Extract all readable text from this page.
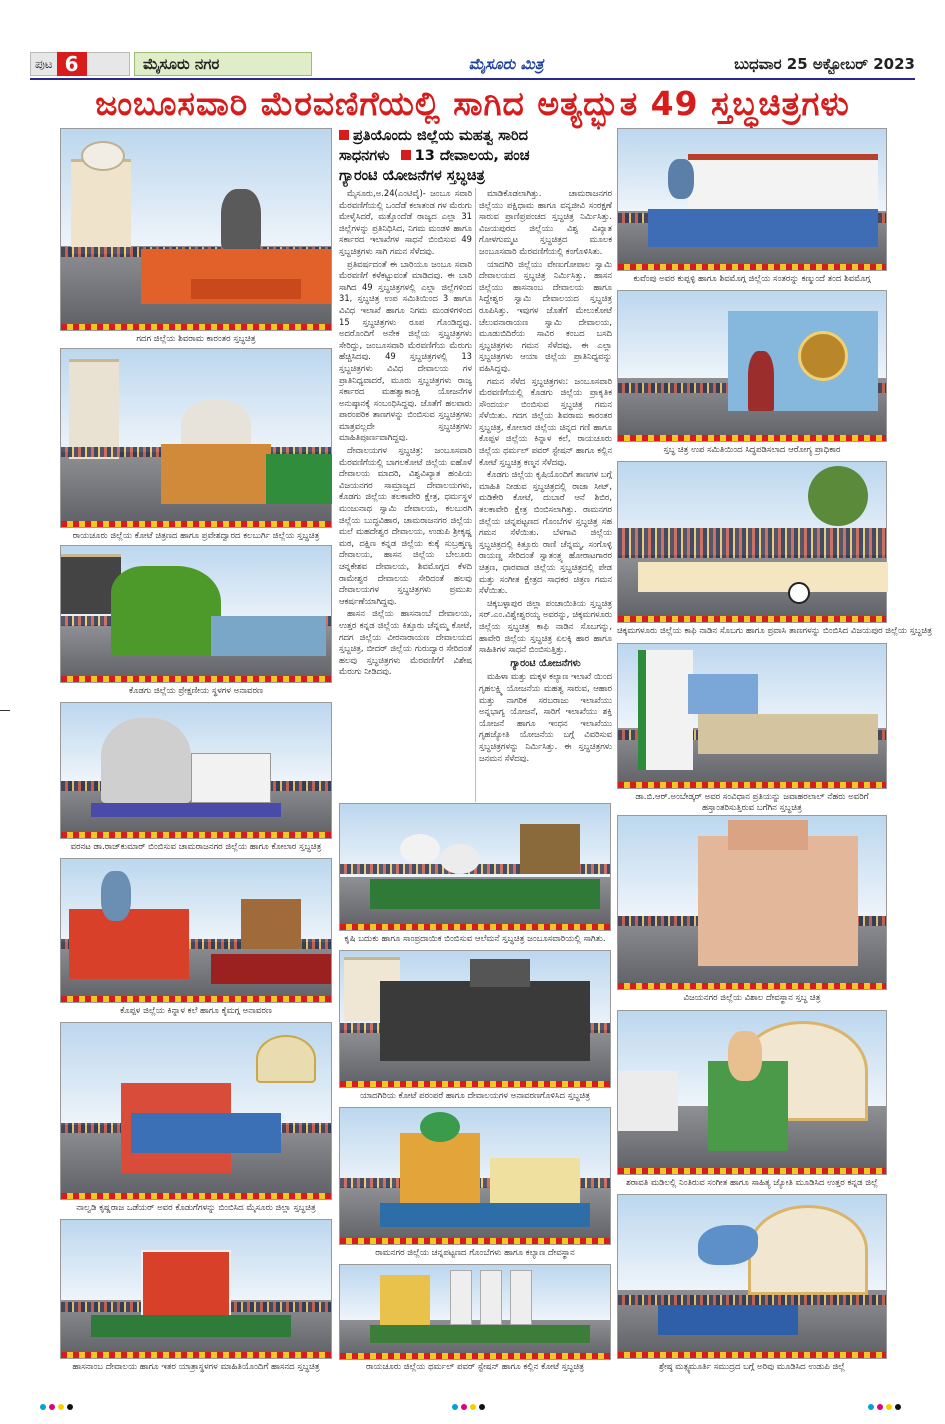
ಪುಟ 6	ಮೈಸೂರು ನಗರ	ಮೈಸೂರು ಮಿತ್ರ	ಬುಧವಾರ 25 ಅಕ್ಟೋಬರ್ 2023
ಜಂಬೂಸವಾರಿ ಮೆರವಣಿಗೆಯಲ್ಲಿ ಸಾಗಿದ ಅತ್ಯದ್ಭುತ 49 ಸ್ತಬ್ಧಚಿತ್ರಗಳು
ಗದಗ ಜಿಲ್ಲೆಯ ಶಿವರಾಮ ಕಾರಂತರ ಸ್ತಬ್ಧಚಿತ್ರ
ರಾಯಚೂರು ಜಿಲ್ಲೆಯ ಕೋಟೆ ಚಿತ್ರಣದ ಹಾಗೂ ಪ್ರವೇಶದ್ವಾರದ ಕಲಬುರ್ಗಿ ಜಿಲ್ಲೆಯ ಸ್ತಬ್ಧಚಿತ್ರ
ಕೊಡಗು ಜಿಲ್ಲೆಯ ಪ್ರೇಕ್ಷಣೀಯ ಸ್ಥಳಗಳ ಅನಾವರಣ
ವರನಟ ಡಾ.ರಾಜ್‌ಕುಮಾರ್ ಬಿಂಬಿಸುವ ಚಾಮರಾಜನಗರ ಜಿಲ್ಲೆಯ ಹಾಗೂ ಕೋಲಾರ ಸ್ತಬ್ಧಚಿತ್ರ
ಕೊಪ್ಪಳ ಜಿಲ್ಲೆಯ ಕಿನ್ನಾಳ ಕಲೆ ಹಾಗೂ ಕೈಮಗ್ಗ ಅನಾವರಣ
ನಾಲ್ವಡಿ ಕೃಷ್ಣರಾಜ ಒಡೆಯರ್ ಅವರ ಕೊಡುಗೆಗಳನ್ನು ಬಿಂಬಿಸಿದ ಮೈಸೂರು ಜಿಲ್ಲಾ ಸ್ತಬ್ಧಚಿತ್ರ
ಹಾಸನಾಂಬ ದೇವಾಲಯ ಹಾಗೂ ಇತರ ಯಾತ್ರಾಸ್ಥಳಗಳ ಮಾಹಿತಿಯೊಂದಿಗೆ ಹಾಸನದ ಸ್ತಬ್ಧಚಿತ್ರ
ಪ್ರತಿಯೊಂದು ಜಿಲ್ಲೆಯ ಮಹತ್ವ ಸಾರಿದ
ಸಾಧನಗಳು 13 ದೇವಾಲಯ, ಪಂಚ
ಗ್ಯಾರಂಟಿ ಯೋಜನೆಗಳ ಸ್ತಬ್ಧಚಿತ್ರ

ಮೈಸೂರು,ಅ.24(ಎಂಟಿವೈ)- ಜಂಬೂ ಸವಾರಿ ಮೆರವಣಿಗೆಯಲ್ಲಿ ಒಂದೆಡೆ ಕಲಾತಂಡ ಗಳ ಮೆರುಗು ಮೇಳೈಸಿದರೆ, ಮತ್ತೊಂದೆಡೆ ರಾಜ್ಯದ ಎಲ್ಲಾ 31 ಜಿಲ್ಲೆಗಳನ್ನು ಪ್ರತಿನಿಧಿಸಿದ, ನಿಗಮ ಮಂಡಳಿ ಹಾಗೂ ಸರ್ಕಾರದ ಇಲಾಖೆಗಳ ಸಾಧನೆ ಬಿಂಬಿಸುವ 49 ಸ್ತಬ್ಧಚಿತ್ರಗಳು ಸಾಗಿ ಗಮನ ಸೆಳೆದವು.

ಪ್ರತಿವರ್ಷದಂತೆ ಈ ಬಾರಿಯೂ ಜಂಬೂ ಸವಾರಿ ಮೆರವಣಿಗೆ ಕಳೆಕಟ್ಟುವಂತೆ ಮಾಡಿದವು. ಈ ಬಾರಿ ಸಾಗಿದ 49 ಸ್ತಬ್ಧಚಿತ್ರಗಳಲ್ಲಿ ಎಲ್ಲಾ ಜಿಲ್ಲೆಗಳಿಂದ 31, ಸ್ತಬ್ಧಚಿತ್ರ ಉಪ ಸಮಿತಿಯಿಂದ 3 ಹಾಗೂ ವಿವಿಧ ಇಲಾಖೆ ಹಾಗೂ ನಿಗಮ ಮಂಡಳಿಗಳಿಂದ 15 ಸ್ತಬ್ಧಚಿತ್ರಗಳು ರೂಪ ಗೊಂಡಿದ್ದವು. ಅದರೊಂದಿಗೆ ಅನೇಕ ಜಿಲ್ಲೆಯ ಸ್ತಬ್ಧಚಿತ್ರಗಳು ಸೇರಿದ್ದು, ಜಂಬೂಸವಾರಿ ಮೆರವಣಿಗೆಯ ಮೆರುಗು ಹೆಚ್ಚಿಸಿದವು. 49 ಸ್ತಬ್ಧಚಿತ್ರಗಳಲ್ಲಿ 13 ಸ್ತಬ್ಧಚಿತ್ರಗಳು ವಿವಿಧ ದೇವಾಲಯ ಗಳ ಪ್ರಾತಿನಿಧ್ಯವಾದರೆ, ಮೂರು ಸ್ತಬ್ಧಚಿತ್ರಗಳು ರಾಜ್ಯ ಸರ್ಕಾರದ ಮಹತ್ವಾಕಾಂಕ್ಷಿ ಯೋಜನೆಗಳ ಅನುಷ್ಠಾನಕ್ಕೆ ಸಂಬಂಧಿಸಿದ್ದವು. ಜೊತೆಗೆ ಹಲವಾರು ಪಾರಂಪರಿಕ ತಾಣಗಳನ್ನು ಬಿಂಬಿಸುವ ಸ್ತಬ್ಧಚಿತ್ರಗಳು ಮಾತ್ರವಲ್ಲದೇ ಸ್ತಬ್ಧಚಿತ್ರಗಳು ಮಾಹಿತಿಪೂರ್ಣವಾಗಿದ್ದವು.

ದೇವಾಲಯಗಳ ಸ್ತಬ್ಧಚಿತ್ರ: ಜಂಬೂಸವಾರಿ ಮೆರವಣಿಗೆಯಲ್ಲಿ ಬಾಗಲಕೋಟೆ ಜಿಲ್ಲೆಯ ಐಹೊಳೆ ದೇವಾಲಯ ಮಾದರಿ, ವಿಶ್ವವಿಖ್ಯಾತ ಹಂಪಿಯ ವಿಜಯನಗರ ಸಾಮ್ರಾಜ್ಯದ ದೇವಾಲಯಗಳು, ಕೊಡಗು ಜಿಲ್ಲೆಯ ತಲಕಾವೇರಿ ಕ್ಷೇತ್ರ, ಧರ್ಮಸ್ಥಳ ಮಂಜುನಾಥ ಸ್ವಾಮಿ ದೇವಾಲಯ, ಕಲಬುರಗಿ ಜಿಲ್ಲೆಯ ಬುದ್ಧವಿಹಾರ, ಚಾಮರಾಜನಗರ ಜಿಲ್ಲೆಯ ಮಲೆ ಮಹದೇಶ್ವರ ದೇವಾಲಯ, ಉಡುಪಿ ಶ್ರೀಕೃಷ್ಣ ಮಠ, ದಕ್ಷಿಣ ಕನ್ನಡ ಜಿಲ್ಲೆಯ ಕುಕ್ಕೆ ಸುಬ್ರಹ್ಮಣ್ಯ ದೇವಾಲಯ, ಹಾಸನ ಜಿಲ್ಲೆಯ ಬೇಲೂರು ಚನ್ನಕೇಶವ ದೇವಾಲಯ, ಶಿವಮೊಗ್ಗದ ಕೆಳದಿ ರಾಮೇಶ್ವರ ದೇವಾಲಯ ಸೇರಿದಂತೆ ಹಲವು ದೇವಾಲಯಗಳ ಸ್ತಬ್ಧಚಿತ್ರಗಳು ಪ್ರಮುಖ ಆಕರ್ಷಣೆಯಾಗಿದ್ದವು.

ಹಾಸನ ಜಿಲ್ಲೆಯ ಹಾಸನಾಂಬೆ ದೇವಾಲಯ, ಉತ್ತರ ಕನ್ನಡ ಜಿಲ್ಲೆಯ ಕಿತ್ತೂರು ಚೆನ್ನಮ್ಮ ಕೋಟೆ, ಗದಗ ಜಿಲ್ಲೆಯ ವೀರನಾರಾಯಣ ದೇವಾಲಯದ ಸ್ತಬ್ಧಚಿತ್ರ, ಬೀದರ್ ಜಿಲ್ಲೆಯ ಗುರುದ್ವಾರ ಸೇರಿದಂತೆ ಹಲವು ಸ್ತಬ್ಧಚಿತ್ರಗಳು ಮೆರವಣಿಗೆಗೆ ವಿಶೇಷ ಮೆರುಗು ನೀಡಿದವು.

ಮಾಡಿಕೊಡಲಾಗಿತ್ತು. ಚಾಮರಾಜನಗರ ಜಿಲ್ಲೆಯು ಪಕ್ಷಿಧಾಮ ಹಾಗೂ ವನ್ಯಜೀವಿ ಸಂರಕ್ಷಣೆ ಸಾರುವ ಪ್ರಾಣಿಪ್ರಪಂಚದ ಸ್ತಬ್ಧಚಿತ್ರ ನಿರ್ಮಿಸಿತ್ತು. ವಿಜಯಪುರದ ಜಿಲ್ಲೆಯು ವಿಶ್ವ ವಿಖ್ಯಾತ ಗೋಳಗುಮ್ಮಟ ಸ್ತಬ್ಧಚಿತ್ರದ ಮೂಲಕ ಜಂಬೂಸವಾರಿ ಮೆರವಣಿಗೆಯಲ್ಲಿ ಕಂಗೊಳಿಸಿತು.

ಯಾದಗಿರಿ ಜಿಲ್ಲೆಯು ವೇಣುಗೋಪಾಲ ಸ್ವಾಮಿ ದೇವಾಲಯದ ಸ್ತಬ್ಧಚಿತ್ರ ನಿರ್ಮಿಸಿತ್ತು. ಹಾಸನ ಜಿಲ್ಲೆಯು ಹಾಸನಾಂಬ ದೇವಾಲಯ ಹಾಗೂ ಸಿದ್ದೇಶ್ವರ ಸ್ವಾಮಿ ದೇವಾಲಯದ ಸ್ತಬ್ಧಚಿತ್ರ ರೂಪಿಸಿತ್ತು. ಇವುಗಳ ಜೊತೆಗೆ ಮೇಲುಕೋಟೆ ಚೆಲುವನಾರಾಯಣ ಸ್ವಾಮಿ ದೇವಾಲಯ, ಮೂಡುಬಿದಿರೆಯ ಸಾವಿರ ಕಂಬದ ಬಸದಿ ಸ್ತಬ್ಧಚಿತ್ರಗಳು ಗಮನ ಸೆಳೆದವು. ಈ ಎಲ್ಲಾ ಸ್ತಬ್ಧಚಿತ್ರಗಳು ಆಯಾ ಜಿಲ್ಲೆಯ ಪ್ರಾತಿನಿಧ್ಯವನ್ನು ವಹಿಸಿದ್ದವು.

ಗಮನ ಸೆಳೆದ ಸ್ತಬ್ಧಚಿತ್ರಗಳು: ಜಂಬೂಸವಾರಿ ಮೆರವಣಿಗೆಯಲ್ಲಿ ಕೊಡಗು ಜಿಲ್ಲೆಯ ಪ್ರಾಕೃತಿಕ ಸೌಂದರ್ಯ ಬಿಂಬಿಸುವ ಸ್ತಬ್ಧಚಿತ್ರ ಗಮನ ಸೆಳೆಯಿತು. ಗದಗ ಜಿಲ್ಲೆಯ ಶಿವರಾಮ ಕಾರಂತರ ಸ್ತಬ್ಧಚಿತ್ರ, ಕೋಲಾರ ಜಿಲ್ಲೆಯ ಚಿನ್ನದ ಗಣಿ ಹಾಗೂ ಕೊಪ್ಪಳ ಜಿಲ್ಲೆಯ ಕಿನ್ನಾಳ ಕಲೆ, ರಾಯಚೂರು ಜಿಲ್ಲೆಯ ಥರ್ಮಲ್ ಪವರ್ ಸ್ಟೇಷನ್ ಹಾಗೂ ಕಲ್ಲಿನ ಕೋಟೆ ಸ್ತಬ್ಧಚಿತ್ರ ಕಣ್ಮನ ಸೆಳೆದವು.

ಕೊಡಗು ಜಿಲ್ಲೆಯ ಕೃಷಿಯೊಂದಿಗೆ ತಾಣಗಳ ಬಗ್ಗೆ ಮಾಹಿತಿ ನೀಡುವ ಸ್ತಬ್ಧಚಿತ್ರದಲ್ಲಿ ರಾಜಾ ಸೀಟ್, ಮಡಿಕೇರಿ ಕೋಟೆ, ದುಬಾರೆ ಆನೆ ಶಿಬಿರ, ತಲಕಾವೇರಿ ಕ್ಷೇತ್ರ ಬಿಂಬಿಸಲಾಗಿತ್ತು. ರಾಮನಗರ ಜಿಲ್ಲೆಯ ಚನ್ನಪಟ್ಟಣದ ಗೊಂಬೆಗಳ ಸ್ತಬ್ಧಚಿತ್ರ ಸಹ ಗಮನ ಸೆಳೆಯಿತು. ಬೆಳಗಾವಿ ಜಿಲ್ಲೆಯ ಸ್ತಬ್ಧಚಿತ್ರದಲ್ಲಿ ಕಿತ್ತೂರು ರಾಣಿ ಚೆನ್ನಮ್ಮ, ಸಂಗೊಳ್ಳಿ ರಾಯಣ್ಣ ಸೇರಿದಂತೆ ಸ್ವಾತಂತ್ರ್ಯ ಹೋರಾಟಗಾರರ ಚಿತ್ರಣ, ಧಾರವಾಡ ಜಿಲ್ಲೆಯ ಸ್ತಬ್ಧಚಿತ್ರದಲ್ಲಿ ಪೇಡ ಮತ್ತು ಸಂಗೀತ ಕ್ಷೇತ್ರದ ಸಾಧಕರ ಚಿತ್ರಣ ಗಮನ ಸೆಳೆಯಿತು.

ಚಿಕ್ಕಬಳ್ಳಾಪುರ ಜಿಲ್ಲಾ ಪಂಚಾಯಿತಿಯ ಸ್ತಬ್ಧಚಿತ್ರ ಸರ್.ಎಂ.ವಿಶ್ವೇಶ್ವರಯ್ಯ ಅವರನ್ನು, ಚಿಕ್ಕಮಗಳೂರು ಜಿಲ್ಲೆಯ ಸ್ತಬ್ಧಚಿತ್ರ ಕಾಫಿ ನಾಡಿನ ಸೊಬಗನ್ನು, ಹಾವೇರಿ ಜಿಲ್ಲೆಯ ಸ್ತಬ್ಧಚಿತ್ರ ಏಲಕ್ಕಿ ಹಾರ ಹಾಗೂ ಸಾಹಿತಿಗಳ ಸಾಧನೆ ಬಿಂಬಿಸುತ್ತಿತ್ತು.

ಗ್ಯಾರಂಟಿ ಯೋಜನೆಗಳು

ಮಹಿಳಾ ಮತ್ತು ಮಕ್ಕಳ ಕಲ್ಯಾಣ ಇಲಾಖೆ ಯಿಂದ ಗೃಹಲಕ್ಷ್ಮಿ ಯೋಜನೆಯ ಮಹತ್ವ ಸಾರುವ, ಆಹಾರ ಮತ್ತು ನಾಗರಿಕ ಸರಬರಾಜು ಇಲಾಖೆಯು ಅನ್ನಭಾಗ್ಯ ಯೋಜನೆ, ಸಾರಿಗೆ ಇಲಾಖೆಯು ಶಕ್ತಿ ಯೋಜನೆ ಹಾಗೂ ಇಂಧನ ಇಲಾಖೆಯು ಗೃಹಜ್ಯೋತಿ ಯೋಜನೆಯ ಬಗ್ಗೆ ವಿವರಿಸುವ ಸ್ತಬ್ಧಚಿತ್ರಗಳನ್ನು ನಿರ್ಮಿಸಿತ್ತು. ಈ ಸ್ತಬ್ಧಚಿತ್ರಗಳು ಜನಮನ ಸೆಳೆದವು.

ಕೃಷಿ ಬದುಕು ಹಾಗೂ ಸಾಂಪ್ರದಾಯಿಕ ಬಿಂಬಿಸುವ ಆಲೆಮನೆ ಸ್ತಬ್ಧಚಿತ್ರ ಜಂಬೂಸವಾರಿಯಲ್ಲಿ ಸಾಗಿತು.
ಯಾದಗಿರಿಯ ಕೋಟೆ ಪರಂಪರೆ ಹಾಗೂ ದೇವಾಲಯಗಳ ಅನಾವರಣಗೊಳಿಸಿದ ಸ್ತಬ್ಧಚಿತ್ರ
ರಾಮನಗರ ಜಿಲ್ಲೆಯ ಚನ್ನಪಟ್ಟಣದ ಗೊಂಬೆಗಳು ಹಾಗೂ ಕಲ್ಯಾಣ ದೇವಸ್ಥಾನ
ರಾಯಚೂರು ಜಿಲ್ಲೆಯ ಥರ್ಮಲ್ ಪವರ್ ಸ್ಟೇಷನ್ ಹಾಗೂ ಕಲ್ಲಿನ ಕೋಟೆ ಸ್ತಬ್ಧಚಿತ್ರ
ಕುವೆಂಪು ಅವರ ಕುಪ್ಪಳ್ಳಿ ಹಾಗೂ ಶಿವಮೊಗ್ಗ ಜಿಲ್ಲೆಯ ಸಂತರನ್ನು ಕಣ್ಮುಂದೆ ತಂದ ಶಿವಮೊಗ್ಗ
ಸ್ತಬ್ಧ ಚಿತ್ರ ಉಪ ಸಮಿತಿಯಿಂದ ಸಿದ್ಧಪಡಿಸಲಾದ ಆರೋಗ್ಯ ಪ್ರಾಧಿಕಾರ
ಚಿಕ್ಕಮಗಳೂರು ಜಿಲ್ಲೆಯ ಕಾಫಿ ನಾಡಿನ ಸೊಬಗು ಹಾಗೂ ಪ್ರವಾಸಿ ತಾಣಗಳನ್ನು ಬಿಂಬಿಸಿದ ವಿಜಯಪುರ ಜಿಲ್ಲೆಯ ಸ್ತಬ್ಧಚಿತ್ರ
ಡಾ.ಬಿ.ಆರ್.ಅಂಬೇಡ್ಕರ್ ಅವರ ಸಂವಿಧಾನ ಪ್ರತಿಯನ್ನು ಜವಾಹರಲಾಲ್ ನೆಹರು ಅವರಿಗೆ ಹಸ್ತಾಂತರಿಸುತ್ತಿರುವ ಬಗೆಗಿನ ಸ್ತಬ್ಧಚಿತ್ರ
ವಿಜಯನಗರ ಜಿಲ್ಲೆಯ ವಿಶಾಲ ದೇವಸ್ಥಾನ ಸ್ತಬ್ಧ ಚಿತ್ರ
ಶರಾವತಿ ಮಡಿಲಲ್ಲಿ ನಿಂತಿರುವ ಸಂಗೀತ ಹಾಗೂ ಸಾಹಿತ್ಯ ಜ್ಯೋತಿ ಮೂಡಿಸಿದ ಉತ್ತರ ಕನ್ನಡ ಜಿಲ್ಲೆ
ಶ್ರೇಷ್ಠ ಮತ್ಸ್ಯಮೂರ್ತಿ ಸಮುದ್ರದ ಬಗ್ಗೆ ಅರಿವು ಮೂಡಿಸಿದ ಉಡುಪಿ ಜಿಲ್ಲೆ
